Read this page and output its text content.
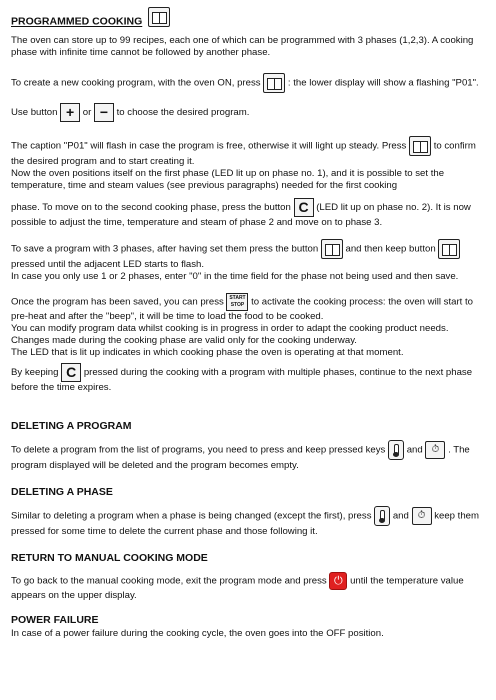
PROGRAMMED COOKING

The oven can store up to 99 recipes, each one of which can be programmed with 3 phases (1,2,3). A cooking phase with infinite time cannot be followed by another phase.

To create a new cooking program, with the oven ON, press	: the lower display will show a flashing "P01".

Use button + or − to choose the desired program.

The caption "P01" will flash in case the program is free, otherwise it will light up steady. Press	to confirm the desired program and to start creating it.

Now the oven positions itself on the first phase (LED lit up on phase no. 1), and it is possible to set the temperature, time and steam values (see previous paragraphs) needed for the first cooking

phase. To move on to the second cooking phase, press the button C (LED lit up on phase no. 2). It is now possible to adjust the time, temperature and steam of phase 2 and move on to phase 3.

To save a program with 3 phases, after having set them press the button	and then keep button  pressed until the adjacent LED starts to flash.

In case you only use 1 or 2 phases, enter "0" in the time field for the phase not being used and then save.

Once the program has been saved, you can press START
STOP to activate the cooking process: the oven will start to pre-heat and after the "beep", it will be time to load the food to be cooked.

You can modify program data whilst cooking is in progress in order to adapt the cooking product needs.

Changes made during the cooking phase are valid only for the cooking underway.

The LED that is lit up indicates in which cooking phase the oven is operating at that moment.

By keeping C pressed during the cooking with a program with multiple phases, continue to the next phase before the time expires.

DELETING A PROGRAM

To delete a program from the list of programs, you need to press and keep pressed keys and ⏱ . The program displayed will be deleted and the program becomes empty.

DELETING A PHASE

Similar to deleting a program when a phase is being changed (except the first), press and ⏱ keep them pressed for some time to delete the current phase and those following it.

RETURN TO MANUAL COOKING MODE

To go back to the manual cooking mode, exit the program mode and press ⏻ until the temperature value appears on the upper display.

POWER FAILURE

In case of a power failure during the cooking cycle, the oven goes into the OFF position.
